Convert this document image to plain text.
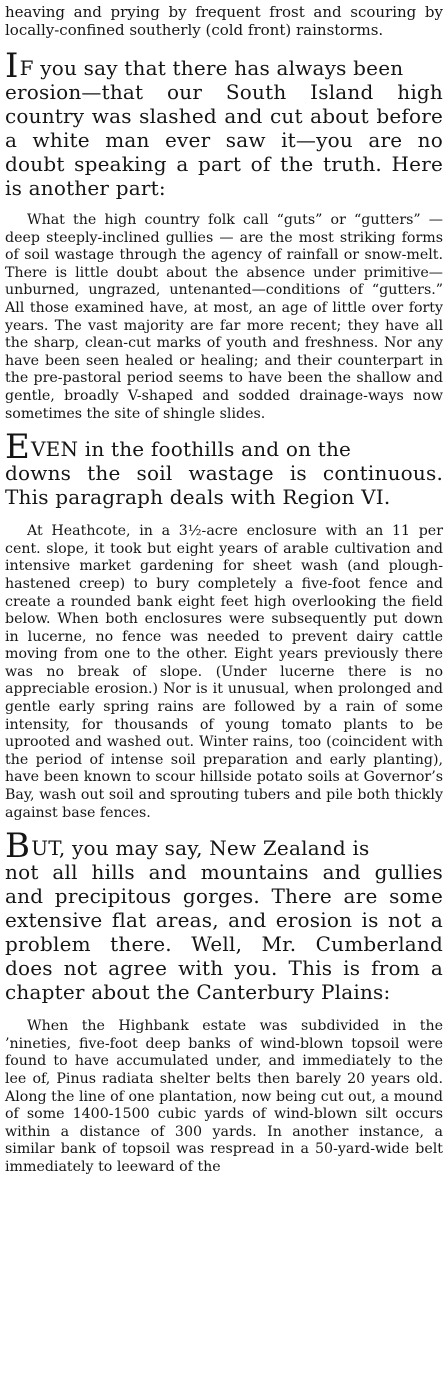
heaving and prying by frequent frost and scouring by locally-confined southerly (cold front) rainstorms.

IF you say that there has always been
erosion—that our South Island high country was slashed and cut about before a white man ever saw it—you are no doubt speaking a part of the truth. Here is another part:

What the high country folk call “guts” or “gutters” — deep steeply-inclined gullies — are the most striking forms of soil wastage through the agency of rainfall or snow-melt. There is little doubt about the absence under primitive—unburned, ungrazed, untenanted—conditions of “gutters.” All those examined have, at most, an age of little over forty years. The vast majority are far more recent; they have all the sharp, clean-cut marks of youth and freshness. Nor any have been seen healed or healing; and their counterpart in the pre-pastoral period seems to have been the shallow and gentle, broadly V-shaped and sodded drainage-ways now sometimes the site of shingle slides.

EVEN in the foothills and on the
downs the soil wastage is continuous. This paragraph deals with Region VI.

At Heathcote, in a 3½-acre enclosure with an 11 per cent. slope, it took but eight years of arable cultivation and intensive market gardening for sheet wash (and plough-hastened creep) to bury completely a five-foot fence and create a rounded bank eight feet high overlooking the field below. When both enclosures were subsequently put down in lucerne, no fence was needed to prevent dairy cattle moving from one to the other. Eight years previously there was no break of slope. (Under lucerne there is no appreciable erosion.) Nor is it unusual, when prolonged and gentle early spring rains are followed by a rain of some intensity, for thousands of young tomato plants to be uprooted and washed out. Winter rains, too (coincident with the period of intense soil preparation and early planting), have been known to scour hillside potato soils at Governor’s Bay, wash out soil and sprouting tubers and pile both thickly against base fences.

BUT, you may say, New Zealand is
not all hills and mountains and gullies and precipitous gorges. There are some extensive flat areas, and erosion is not a problem there. Well, Mr. Cumberland does not agree with you. This is from a chapter about the Canterbury Plains:

When the Highbank estate was subdivided in the ’nineties, five-foot deep banks of wind-blown topsoil were found to have accumulated under, and immediately to the lee of, Pinus radiata shelter belts then barely 20 years old. Along the line of one plantation, now being cut out, a mound of some 1400-1500 cubic yards of wind-blown silt occurs within a distance of 300 yards. In another instance, a similar bank of topsoil was respread in a 50-yard-wide belt immediately to leeward of the
